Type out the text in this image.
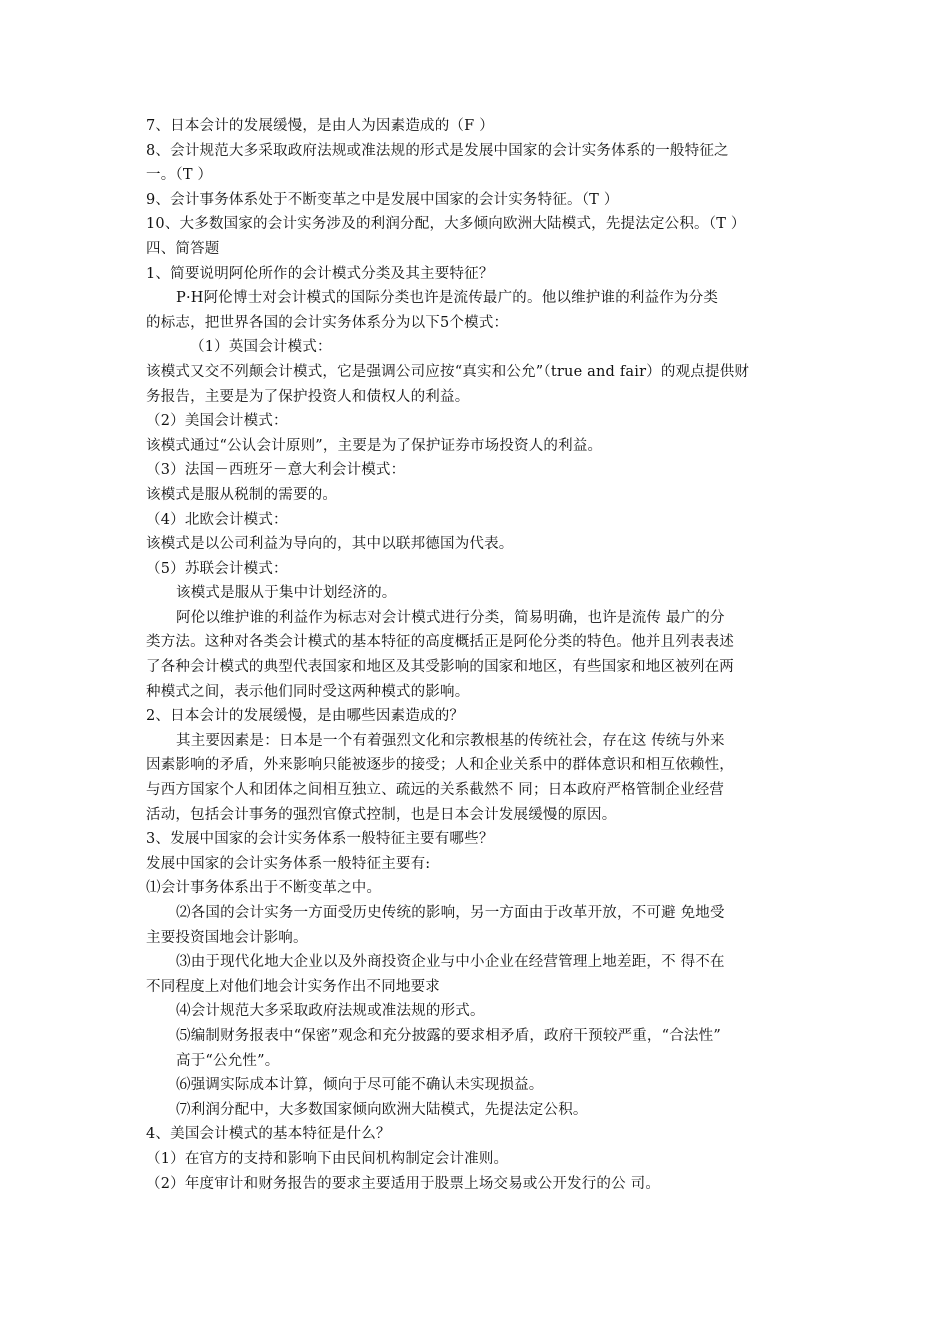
7、日本会计的发展缓慢，是由人为因素造成的（F ）
8、会计规范大多采取政府法规或准法规的形式是发展中国家的会计实务体系的一般特征之
一。（T ）
9、会计事务体系处于不断变革之中是发展中国家的会计实务特征。（T ）
10、大多数国家的会计实务涉及的利润分配，大多倾向欧洲大陆模式，先提法定公积。（T ）
四、简答题
1、简要说明阿伦所作的会计模式分类及其主要特征？
P·H阿伦博士对会计模式的国际分类也许是流传最广的。他以维护谁的利益作为分类
的标志，把世界各国的会计实务体系分为以下5个模式：
（1）英国会计模式：
该模式又交不列颠会计模式，它是强调公司应按“真实和公允”（true and fair）的观点提供财
务报告，主要是为了保护投资人和债权人的利益。
（2）美国会计模式：
该模式通过“公认会计原则”，主要是为了保护证券市场投资人的利益。
（3）法国－西班牙－意大利会计模式：
该模式是服从税制的需要的。
（4）北欧会计模式：
该模式是以公司利益为导向的，其中以联邦德国为代表。
（5）苏联会计模式：
该模式是服从于集中计划经济的。
阿伦以维护谁的利益作为标志对会计模式进行分类，简易明确，也许是流传 最广的分
类方法。这种对各类会计模式的基本特征的高度概括正是阿伦分类的特色。他并且列表表述
了各种会计模式的典型代表国家和地区及其受影响的国家和地区，有些国家和地区被列在两
种模式之间，表示他们同时受这两种模式的影响。
2、日本会计的发展缓慢，是由哪些因素造成的？
其主要因素是：日本是一个有着强烈文化和宗教根基的传统社会，存在这 传统与外来
因素影响的矛盾，外来影响只能被逐步的接受；人和企业关系中的群体意识和相互依赖性，
与西方国家个人和团体之间相互独立、疏远的关系截然不 同；日本政府严格管制企业经营
活动，包括会计事务的强烈官僚式控制，也是日本会计发展缓慢的原因。
3、发展中国家的会计实务体系一般特征主要有哪些？
发展中国家的会计实务体系一般特征主要有:
⑴会计事务体系出于不断变革之中。
⑵各国的会计实务一方面受历史传统的影响，另一方面由于改革开放，不可避 免地受
主要投资国地会计影响。
⑶由于现代化地大企业以及外商投资企业与中小企业在经营管理上地差距，不 得不在
不同程度上对他们地会计实务作出不同地要求
⑷会计规范大多采取政府法规或准法规的形式。
⑸编制财务报表中“保密”观念和充分披露的要求相矛盾，政府干预较严重，“合法性”
高于“公允性”。
⑹强调实际成本计算，倾向于尽可能不确认未实现损益。
⑺利润分配中，大多数国家倾向欧洲大陆模式，先提法定公积。
4、美国会计模式的基本特征是什么？
（1）在官方的支持和影响下由民间机构制定会计准则。
（2）年度审计和财务报告的要求主要适用于股票上场交易或公开发行的公 司。
